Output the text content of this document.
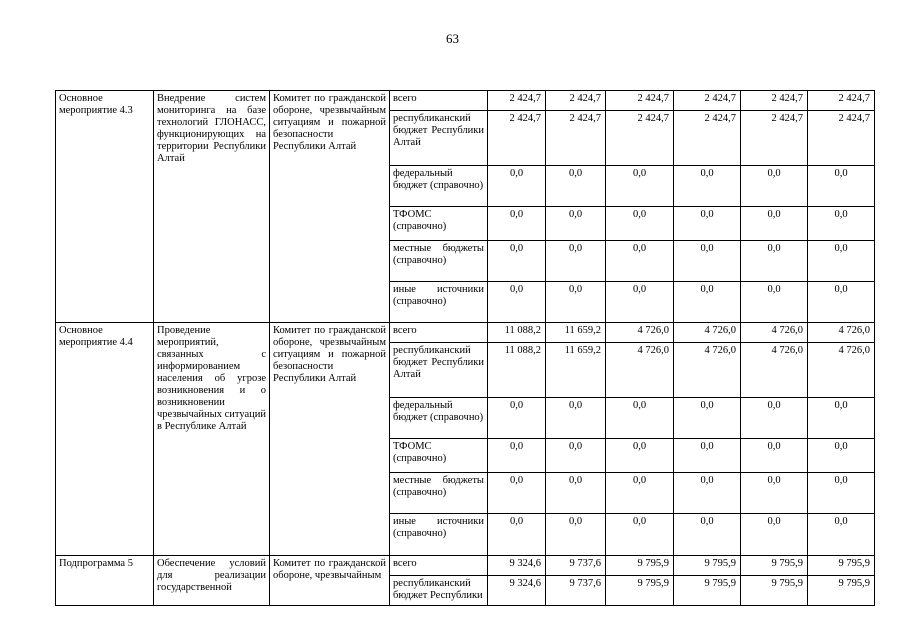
63
Основное мероприятие 4.3	Внедрение систем мониторинга на базе технологий ГЛОНАСС, функционирующих на территории Республики Алтай	Комитет по гражданской обороне, чрезвычайным ситуациям и пожарной безопасности Республики Алтай	всего	2 424,7	2 424,7	2 424,7	2 424,7	2 424,7	2 424,7
			республиканский бюджет Республики Алтай	2 424,7	2 424,7	2 424,7	2 424,7	2 424,7	2 424,7
			федеральный бюджет (справочно)	0,0	0,0	0,0	0,0	0,0	0,0
			ТФОМС (справочно)	0,0	0,0	0,0	0,0	0,0	0,0
			местные бюджеты (справочно)	0,0	0,0	0,0	0,0	0,0	0,0
			иные источники (справочно)	0,0	0,0	0,0	0,0	0,0	0,0
Основное мероприятие 4.4	Проведение мероприятий, связанных с информированием населения об угрозе возникновения и о возникновении чрезвычайных ситуаций в Республике Алтай	Комитет по гражданской обороне, чрезвычайным ситуациям и пожарной безопасности Республики Алтай	всего	11 088,2	11 659,2	4 726,0	4 726,0	4 726,0	4 726,0
			республиканский бюджет Республики Алтай	11 088,2	11 659,2	4 726,0	4 726,0	4 726,0	4 726,0
			федеральный бюджет (справочно)	0,0	0,0	0,0	0,0	0,0	0,0
			ТФОМС (справочно)	0,0	0,0	0,0	0,0	0,0	0,0
			местные бюджеты (справочно)	0,0	0,0	0,0	0,0	0,0	0,0
			иные источники (справочно)	0,0	0,0	0,0	0,0	0,0	0,0
Подпрограмма 5	Обеспечение условий для реализации государственной	Комитет по гражданской обороне, чрезвычайным	всего	9 324,6	9 737,6	9 795,9	9 795,9	9 795,9	9 795,9
			республиканский бюджет Республики	9 324,6	9 737,6	9 795,9	9 795,9	9 795,9	9 795,9
